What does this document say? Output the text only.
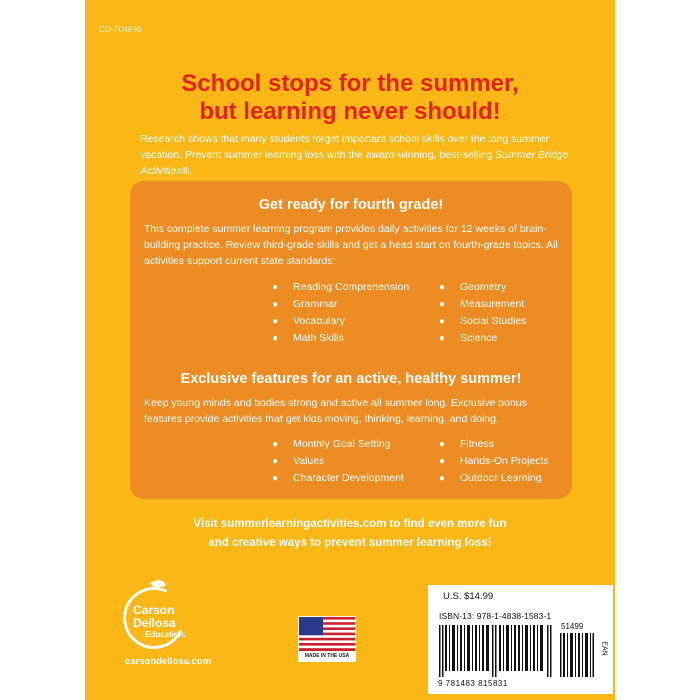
CD-704699
School stops for the summer,
but learning never should!
Research shows that many students forget important school skills over the long summer vacation. Prevent summer learning loss with the award-winning, best-selling Summer Bridge Activities®.
Get ready for fourth grade!
This complete summer learning program provides daily activities for 12 weeks of brain-building practice. Review third-grade skills and get a head start on fourth-grade topics. All activities support current state standards:
●	Reading Comprehension
●	Grammar
●	Vocabulary
●	Math Skills
●	Geometry
●	Measurement
●	Social Studies
●	Science
Exclusive features for an active, healthy summer!
Keep young minds and bodies strong and active all summer long. Exclusive bonus features provide activities that get kids moving, thinking, learning, and doing.
●	Monthly Goal Setting
●	Values
●	Character Development
●	Fitness
●	Hands-On Projects
●	Outdoor Learning
Visit summerlearningactivities.com to find even more fun
and creative ways to prevent summer learning loss!
Carson
Dellosa
Education.
carsondellosa.com	MADE IN THE USA
U.S. $14.99
ISBN-13: 978-1-4838-1583-1
51499
9 781483 815831
EAN
